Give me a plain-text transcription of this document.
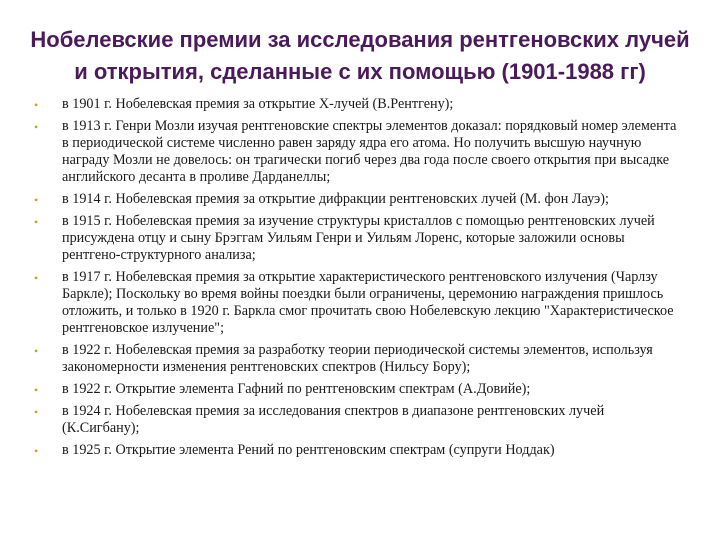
Нобелевские премии за исследования рентгеновских лучей и открытия, сделанные с их помощью (1901-1988 гг)
• в 1901 г. Нобелевская премия за открытие Х-лучей (В.Рентгену);
• в 1913 г. Генри Мозли изучая рентгеновские спектры элементов доказал: порядковый номер элемента в периодической системе численно равен заряду ядра его атома. Но получить высшую научную награду Мозли не довелось: он трагически погиб через два года после своего открытия при высадке английского десанта в проливе Дарданеллы;
• в 1914 г. Нобелевская премия за открытие дифракции рентгеновских лучей (М. фон Лауэ);
• в 1915 г. Нобелевская премия за изучение структуры кристаллов с помощью рентгеновских лучей присуждена отцу и сыну Брэггам Уильям Генри и Уильям Лоренс, которые заложили основы рентгено-структурного анализа;
• в 1917 г. Нобелевская премия за открытие характеристического рентгеновского излучения (Чарлзу Баркле); Поскольку во время войны поездки были ограничены, церемонию награждения пришлось отложить, и только в 1920 г. Баркла смог прочитать свою Нобелевскую лекцию "Характеристическое рентгеновское излучение";
• в 1922 г. Нобелевская премия за разработку теории периодической системы элементов, используя закономерности изменения рентгеновских спектров (Нильсу Бору);
• в 1922 г. Открытие элемента Гафний по рентгеновским спектрам (А.Довийе);
• в 1924 г. Нобелевская премия за исследования спектров в диапазоне рентгеновских лучей (К.Сигбану);
• в 1925 г. Открытие элемента Рений по рентгеновским спектрам (супруги Ноддак)
